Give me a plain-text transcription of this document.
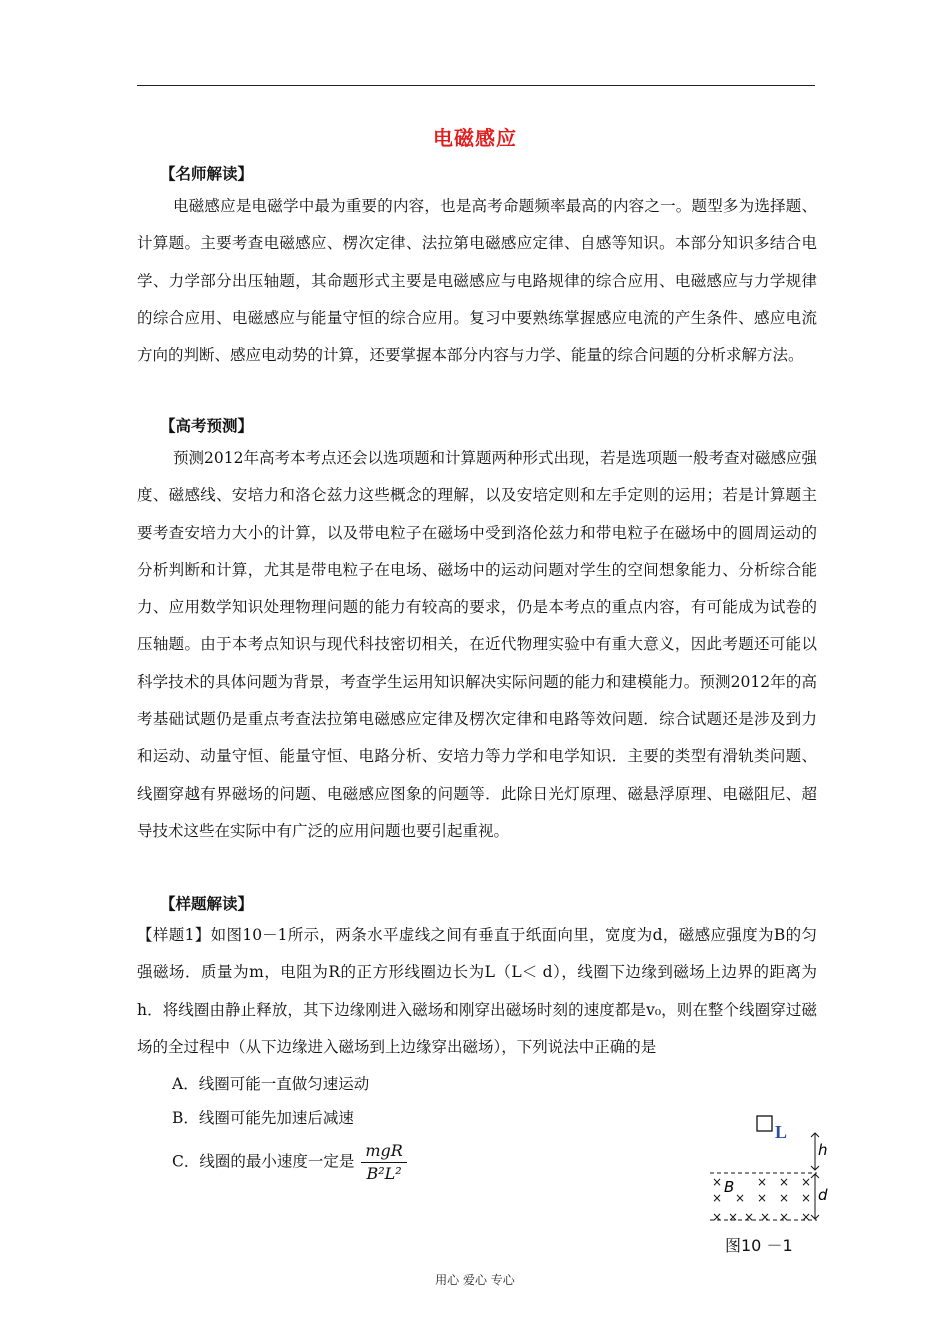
电磁感应
【名师解读】

电磁感应是电磁学中最为重要的内容，也是高考命题频率最高的内容之一。题型多为选择题、计算题。主要考查电磁感应、楞次定律、法拉第电磁感应定律、自感等知识。本部分知识多结合电学、力学部分出压轴题，其命题形式主要是电磁感应与电路规律的综合应用、电磁感应与力学规律的综合应用、电磁感应与能量守恒的综合应用。复习中要熟练掌握感应电流的产生条件、感应电流方向的判断、感应电动势的计算，还要掌握本部分内容与力学、能量的综合问题的分析求解方法。

【高考预测】

预测2012年高考本考点还会以选项题和计算题两种形式出现，若是选项题一般考查对磁感应强度、磁感线、安培力和洛仑兹力这些概念的理解，以及安培定则和左手定则的运用；若是计算题主要考查安培力大小的计算，以及带电粒子在磁场中受到洛伦兹力和带电粒子在磁场中的圆周运动的分析判断和计算，尤其是带电粒子在电场、磁场中的运动问题对学生的空间想象能力、分析综合能力、应用数学知识处理物理问题的能力有较高的要求，仍是本考点的重点内容，有可能成为试卷的压轴题。由于本考点知识与现代科技密切相关，在近代物理实验中有重大意义，因此考题还可能以科学技术的具体问题为背景，考查学生运用知识解决实际问题的能力和建模能力。预测2012年的高考基础试题仍是重点考查法拉第电磁感应定律及楞次定律和电路等效问题．综合试题还是涉及到力和运动、动量守恒、能量守恒、电路分析、安培力等力学和电学知识．主要的类型有滑轨类问题、线圈穿越有界磁场的问题、电磁感应图象的问题等．此除日光灯原理、磁悬浮原理、电磁阻尼、超导技术这些在实际中有广泛的应用问题也要引起重视。

【样题解读】

【样题1】如图10－1所示，两条水平虚线之间有垂直于纸面向里，宽度为d，磁感应强度为B的匀强磁场．质量为m，电阻为R的正方形线圈边长为L（L＜ d），线圈下边缘到磁场上边界的距离为h．将线圈由静止释放，其下边缘刚进入磁场和刚穿出磁场时刻的速度都是v₀，则在整个线圈穿过磁场的全过程中（从下边缘进入磁场到上边缘穿出磁场），下列说法中正确的是

A．线圈可能一直做匀速运动
B．线圈可能先加速后减速
C．线圈的最小速度一定是 $\frac{\text{mgR}}{\text{B²L²}}$
L
h
d
B
×	× × ×
× × × × ×
× × × × × ×
图10 －1
用心 爱心 专心
